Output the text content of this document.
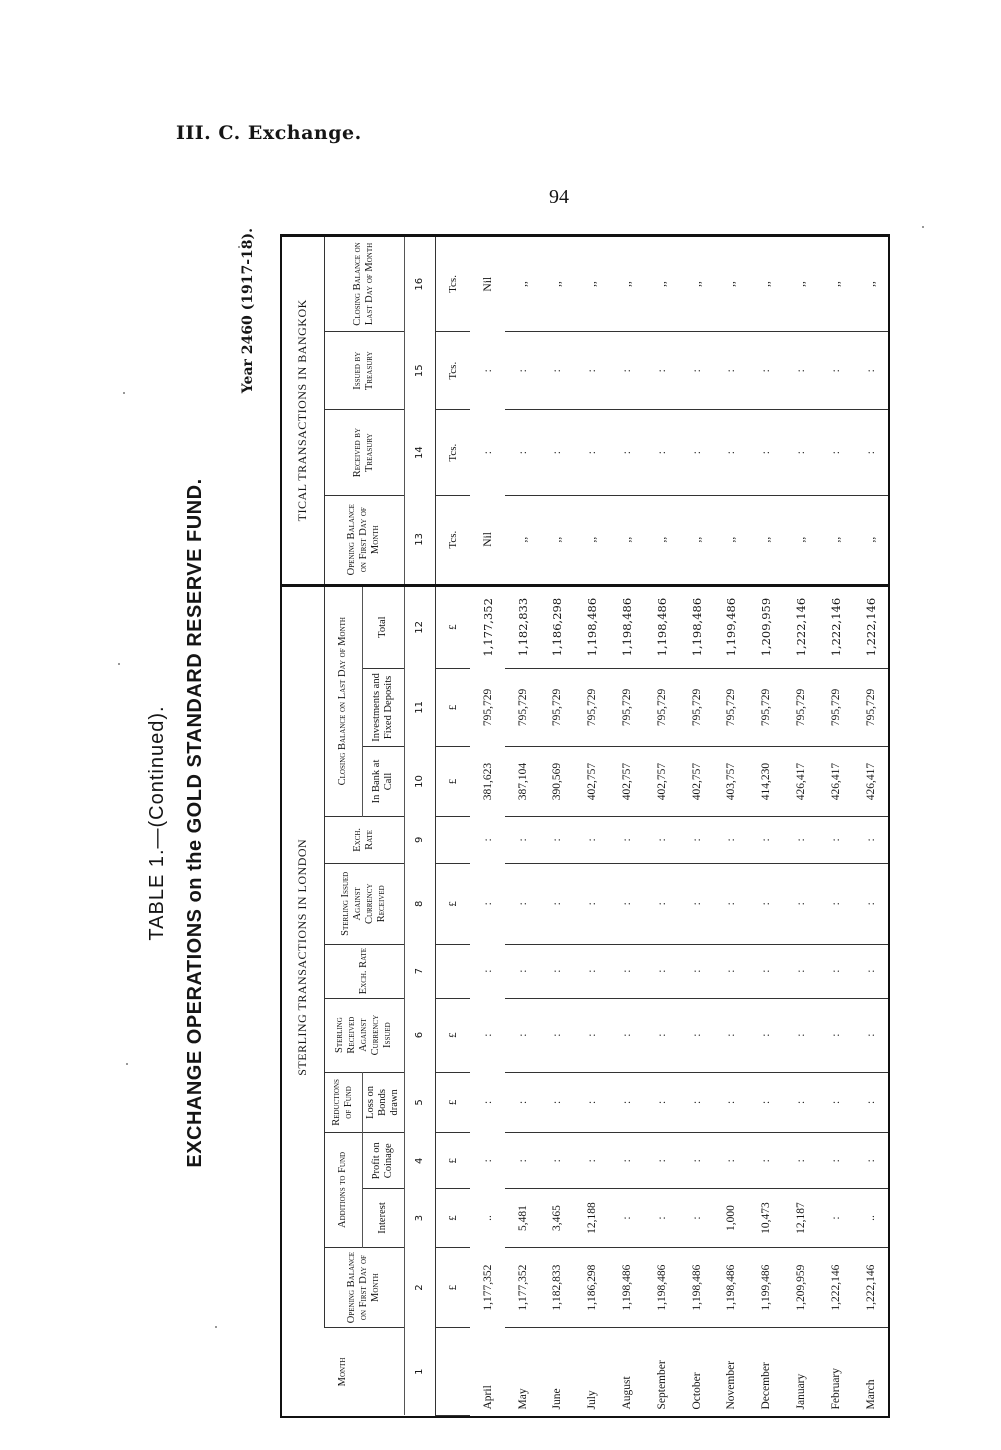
III. C. Exchange.
94
TABLE 1.—(Continued). EXCHANGE OPERATIONS on the GOLD STANDARD RESERVE FUND.
Year 2460 (1917-18).
Month	STERLING TRANSACTIONS IN LONDON											TICAL TRANSACTIONS IN BANGKOK			
	Opening Balance on First Day of Month	Additions to Fund		Reductions of Fund	Sterling Received Against Currency Issued	Exch. Rate	Sterling Issued Against Currency Received	Exch. Rate	Closing Balance on Last Day of Month			Opening Balance on First Day of Month	Received by Treasury	Issued by Treasury	Closing Balance on Last Day of Month
		Interest	Profit on Coinage	Loss on Bonds drawn					In Bank at Call	Investments and Fixed Deposits	Total				
1	2	3	4	5	6	7	8	9	10	11	12	13	14	15	16
	£	£	£	£	£		£		£	£	£	Tcs.	Tcs.	Tcs.	Tcs.
April	1,177,352	..	:	:	:	:	:	:	381,623	795,729	1,177,352	Nil	:	:	Nil
May	1,177,352	5,481	:	:	:	:	:	:	387,104	795,729	1,182,833	,,	:	:	,,
June	1,182,833	3,465	:	:	:	:	:	:	390,569	795,729	1,186,298	,,	:	:	,,
July	1,186,298	12,188	:	:	:	:	:	:	402,757	795,729	1,198,486	,,	:	:	,,
August	1,198,486	:	:	:	:	:	:	:	402,757	795,729	1,198,486	,,	:	:	,,
September	1,198,486	:	:	:	:	:	:	:	402,757	795,729	1,198,486	,,	:	:	,,
October	1,198,486	:	:	:	:	:	:	:	402,757	795,729	1,198,486	,,	:	:	,,
November	1,198,486	1,000	:	:	:	:	:	:	403,757	795,729	1,199,486	,,	:	:	,,
December	1,199,486	10,473	:	:	:	:	:	:	414,230	795,729	1,209,959	,,	:	:	,,
January	1,209,959	12,187	:	:	:	:	:	:	426,417	795,729	1,222,146	,,	:	:	,,
February	1,222,146	:	:	:	:	:	:	:	426,417	795,729	1,222,146	,,	:	:	,,
March	1,222,146	..	:	:	:	:	:	:	426,417	795,729	1,222,146	,,	:	:	,,
